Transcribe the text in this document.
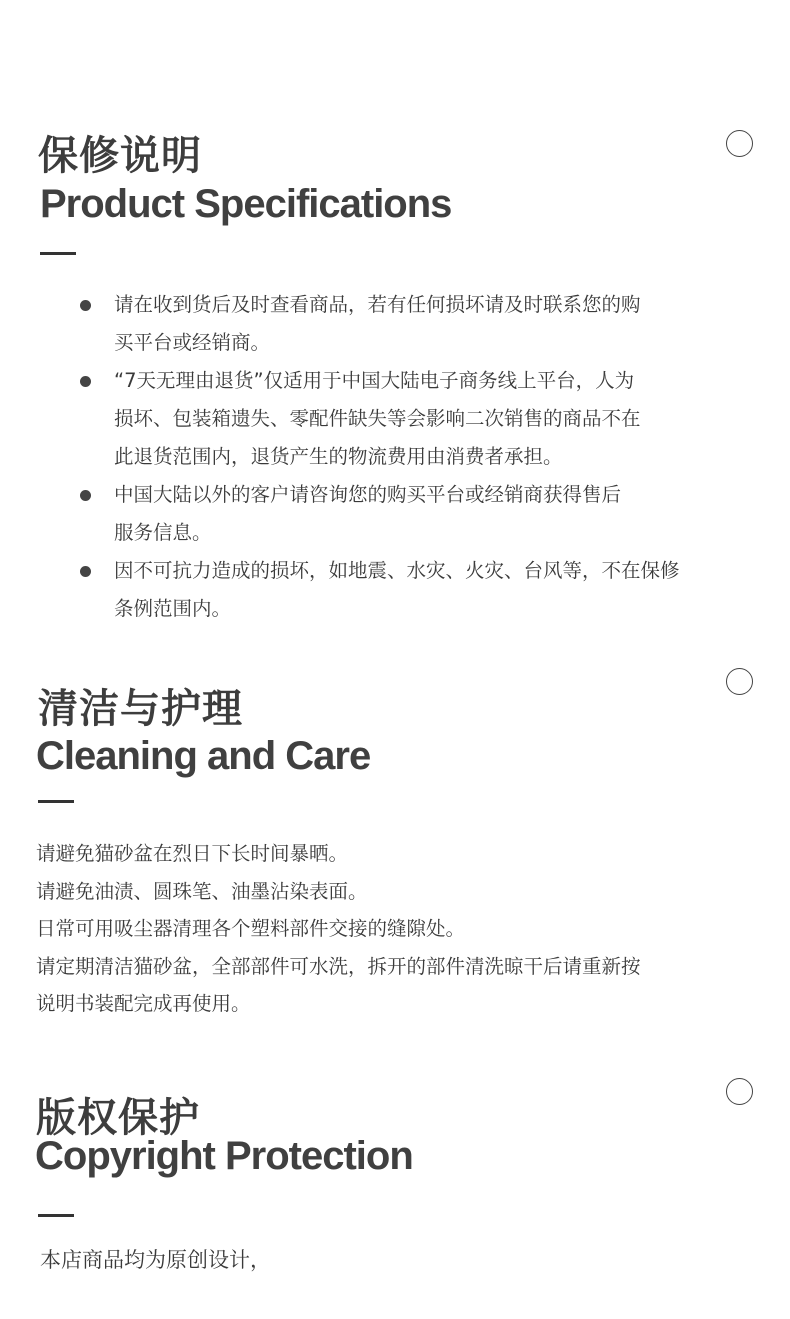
保修说明
Product Specifications
请在收到货后及时查看商品，若有任何损坏请及时联系您的购
买平台或经销商。
“7天无理由退货”仅适用于中国大陆电子商务线上平台，人为
损坏、包装箱遗失、零配件缺失等会影响二次销售的商品不在
此退货范围内，退货产生的物流费用由消费者承担。
中国大陆以外的客户请咨询您的购买平台或经销商获得售后
服务信息。
因不可抗力造成的损坏，如地震、水灾、火灾、台风等，不在保修
条例范围内。
清洁与护理
Cleaning and Care
请避免猫砂盆在烈日下长时间暴晒。
请避免油渍、圆珠笔、油墨沾染表面。
日常可用吸尘器清理各个塑料部件交接的缝隙处。
请定期清洁猫砂盆，全部部件可水洗，拆开的部件清洗晾干后请重新按
说明书装配完成再使用。
版权保护
Copyright Protection
本店商品均为原创设计，
